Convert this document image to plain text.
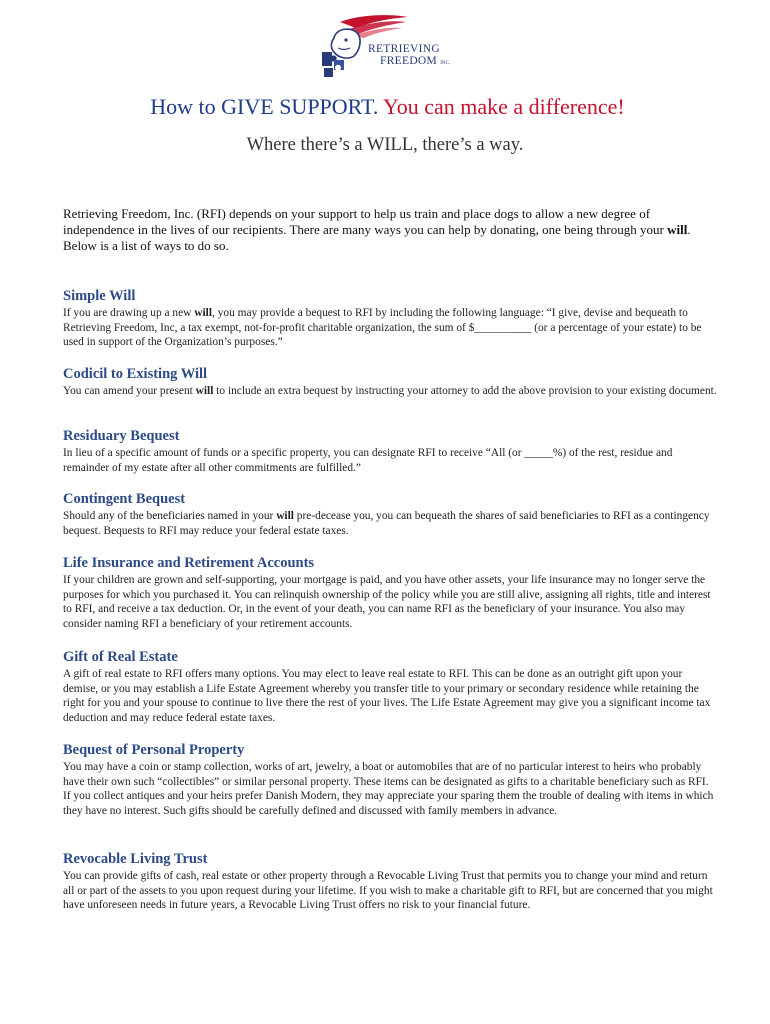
RETRIEVING
FREEDOM INC.
How to GIVE SUPPORT. You can make a difference!
Where there’s a WILL, there’s a way.

Retrieving Freedom, Inc. (RFI) depends on your support to help us train and place dogs to allow a new degree of independence in the lives of our recipients. There are many ways you can help by donating, one being through your will. Below is a list of ways to do so.

Simple Will

If you are drawing up a new will, you may provide a bequest to RFI by including the following language: “I give, devise and bequeath to Retrieving Freedom, Inc, a tax exempt, not-for-profit charitable organization, the sum of $__________ (or a percentage of your estate) to be used in support of the Organization’s purposes.”

Codicil to Existing Will

You can amend your present will to include an extra bequest by instructing your attorney to add the above provision to your existing document.

Residuary Bequest

In lieu of a specific amount of funds or a specific property, you can designate RFI to receive “All (or _____%) of the rest, residue and remainder of my estate after all other commitments are fulfilled.”

Contingent Bequest

Should any of the beneficiaries named in your will pre-decease you, you can bequeath the shares of said beneficiaries to RFI as a contingency bequest. Bequests to RFI may reduce your federal estate taxes.

Life Insurance and Retirement Accounts

If your children are grown and self-supporting, your mortgage is paid, and you have other assets, your life insurance may no longer serve the purposes for which you purchased it. You can relinquish ownership of the policy while you are still alive, assigning all rights, title and interest to RFI, and receive a tax deduction. Or, in the event of your death, you can name RFI as the beneficiary of your insurance. You also may consider naming RFI a beneficiary of your retirement accounts.

Gift of Real Estate

A gift of real estate to RFI offers many options. You may elect to leave real estate to RFI. This can be done as an outright gift upon your demise, or you may establish a Life Estate Agreement whereby you transfer title to your primary or secondary residence while retaining the right for you and your spouse to continue to live there the rest of your lives. The Life Estate Agreement may give you a significant income tax deduction and may reduce federal estate taxes.

Bequest of Personal Property

You may have a coin or stamp collection, works of art, jewelry, a boat or automobiles that are of no particular interest to heirs who probably have their own such “collectibles” or similar personal property. These items can be designated as gifts to a charitable beneficiary such as RFI. If you collect antiques and your heirs prefer Danish Modern, they may appreciate your sparing them the trouble of dealing with items in which they have no interest. Such gifts should be carefully defined and discussed with family members in advance.

Revocable Living Trust

You can provide gifts of cash, real estate or other property through a Revocable Living Trust that permits you to change your mind and return all or part of the assets to you upon request during your lifetime. If you wish to make a charitable gift to RFI, but are concerned that you might have unforeseen needs in future years, a Revocable Living Trust offers no risk to your financial future.
